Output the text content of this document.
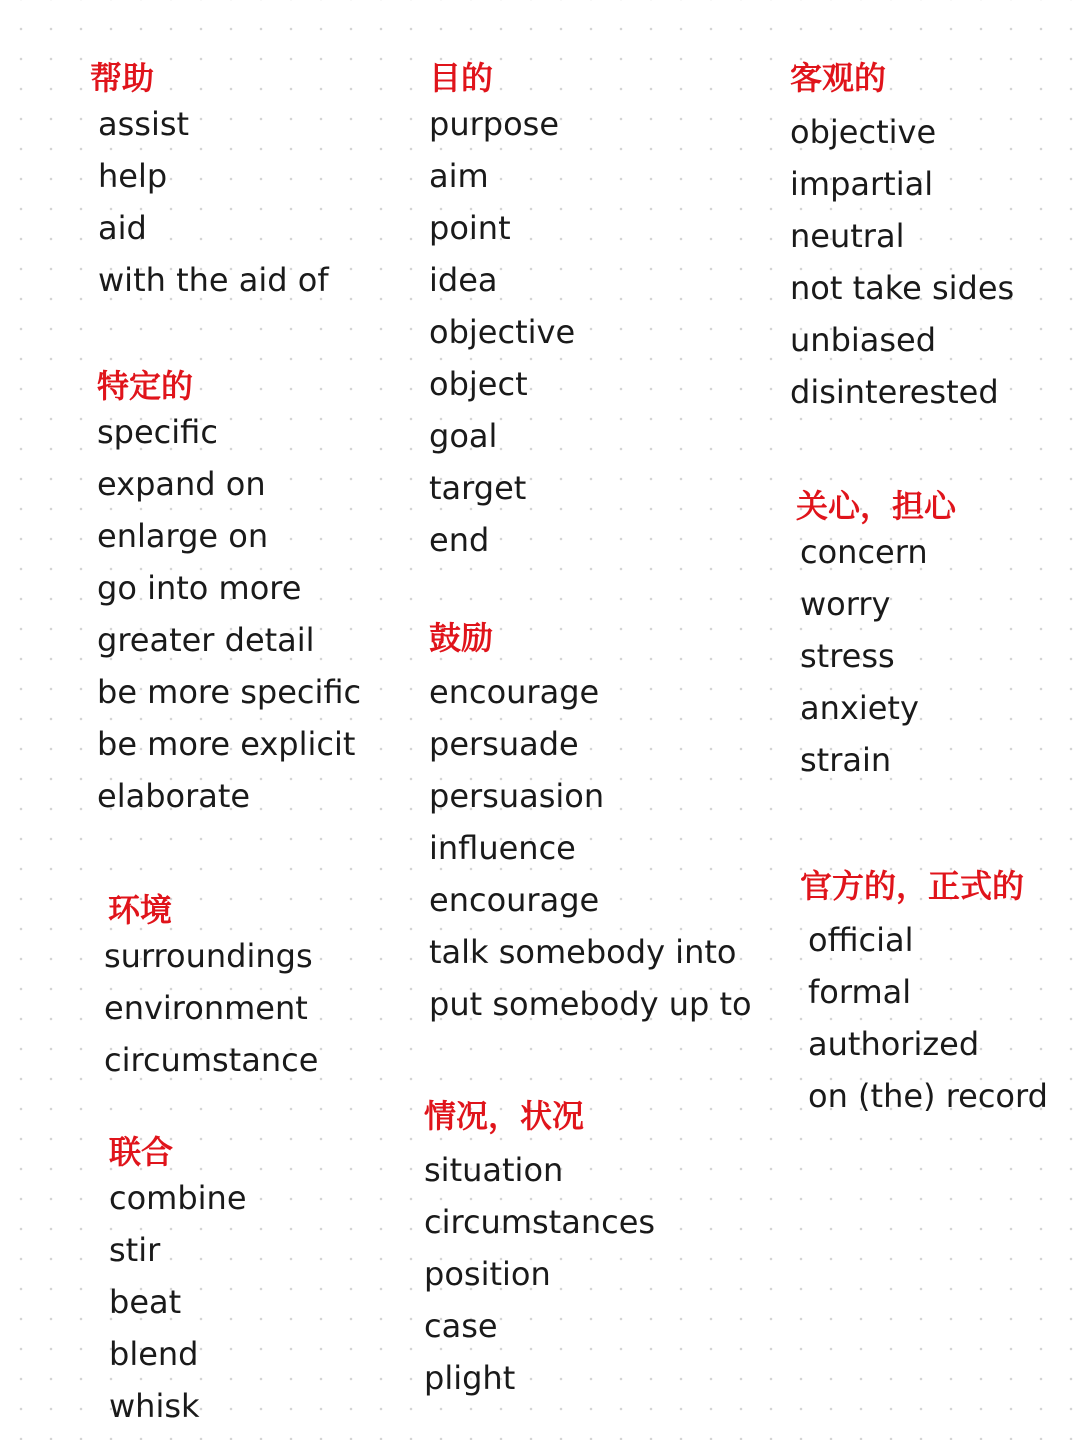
帮助
assist
help
aid
with the aid of
特定的
specific
expand on
enlarge on
go into more
greater detail
be more specific
be more explicit
elaborate
环境
surroundings
environment
circumstance
联合
combine
stir
beat
blend
whisk
目的
purpose
aim
point
idea
objective
object
goal
target
end
鼓励
encourage
persuade
persuasion
influence
encourage
talk somebody into
put somebody up to
情况，状况
situation
circumstances
position
case
plight
客观的
objective
impartial
neutral
not take sides
unbiased
disinterested
关心，担心
concern
worry
stress
anxiety
strain
官方的，正式的
official
formal
authorized
on (the) record
